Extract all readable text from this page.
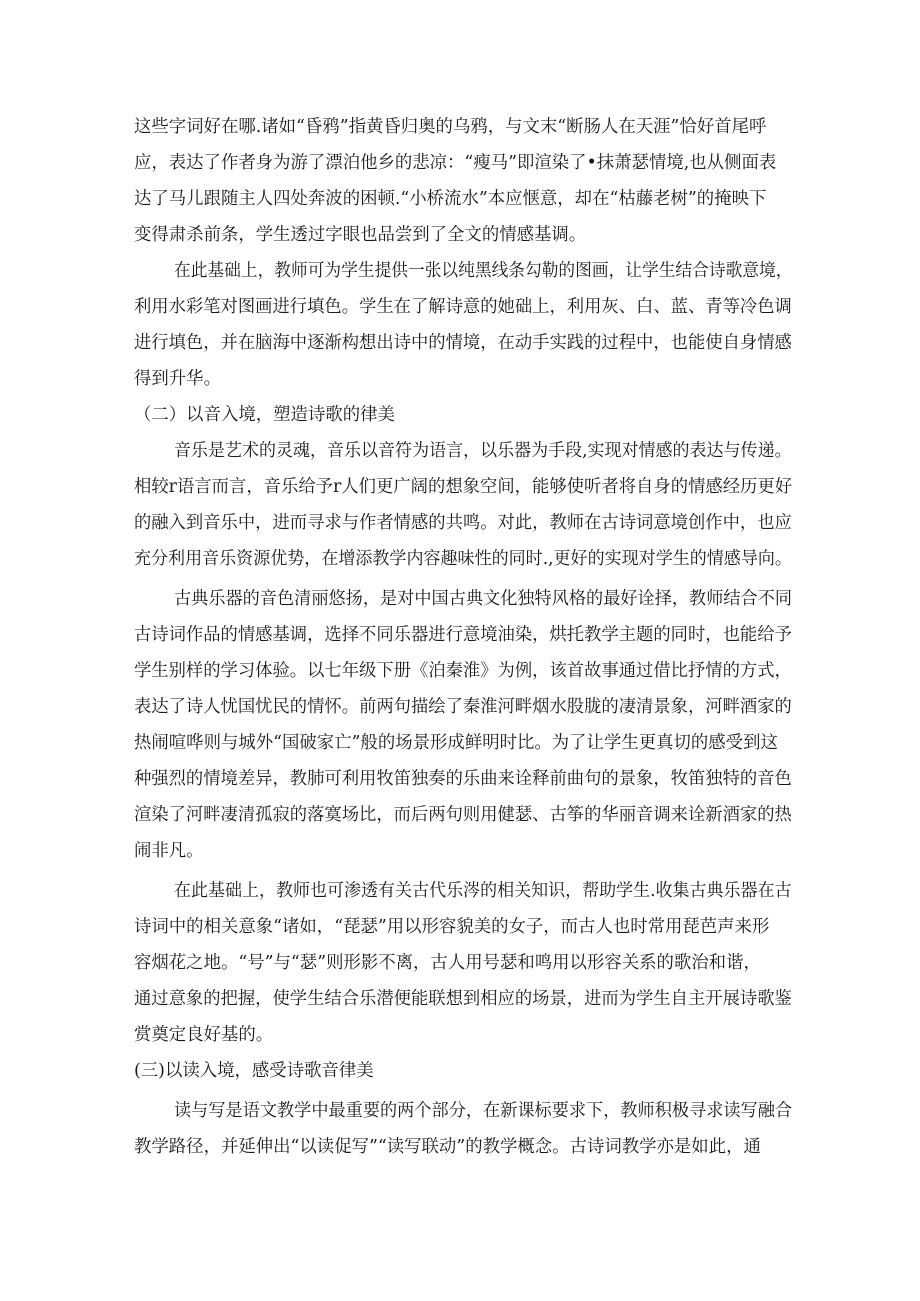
这些字词好在哪.诸如“昏鸦”指黄昏归奥的乌鸦，与文末“断肠人在天涯”恰好首尾呼
应，表达了作者身为游了漂泊他乡的悲凉：“瘦马”即渲染了•抹萧瑟情境,也从侧面表
达了马儿跟随主人四处奔波的困顿.“小桥流水”本应惬意，却在“枯藤老树”的掩映下
变得肃杀前条，学生透过字眼也品尝到了全文的情感基调。
在此基础上，教师可为学生提供一张以纯黑线条勾勒的图画，让学生结合诗歌意境，
利用水彩笔对图画进行填色。学生在了解诗意的她础上，利用灰、白、蓝、青等冷色调
进行填色，并在脑海中逐渐构想出诗中的情境，在动手实践的过程中，也能使自身情感
得到升华。
（二）以音入境，塑造诗歌的律美
音乐是艺术的灵魂，音乐以音符为语言，以乐器为手段,实现对情感的表达与传递。
相较r语言而言，音乐给予r人们更广阔的想象空间，能够使听者将自身的情感经历更好
的融入到音乐中，进而寻求与作者情感的共鸣。对此，教师在古诗词意境创作中，也应
充分利用音乐资源优势，在增添教学内容趣味性的同时.,更好的实现对学生的情感导向。
古典乐器的音色清丽悠扬，是对中国古典文化独特风格的最好诠择，教师结合不同
古诗词作品的情感基调，选择不同乐器进行意境油染，烘托教学主题的同时，也能给予
学生别样的学习体验。以七年级下册《泊秦淮》为例，该首故事通过借比抒情的方式，
表达了诗人忧国忧民的情怀。前两句描绘了秦淮河畔烟水股胧的凄清景象，河畔酒家的
热闹喧哗则与城外“国破家亡”般的场景形成鲜明时比。为了让学生更真切的感受到这
种强烈的情境差异，教肺可利用牧笛独奏的乐曲来诠释前曲句的景象，牧笛独特的音色
渲染了河畔凄清孤寂的落寞场比，而后两句则用健瑟、古筝的华丽音调来诠新酒家的热
闹非凡。
在此基础上，教师也可渗透有关古代乐涔的相关知识，帮助学生.收集古典乐器在古
诗词中的相关意象“诸如，“琵瑟”用以形容貌美的女子，而古人也时常用琵芭声来形
容烟花之地。“号”与“瑟”则形影不离，古人用号瑟和鸣用以形容关系的歌治和谐，
通过意象的把握，使学生结合乐潜便能联想到相应的场景，进而为学生自主开展诗歌鉴
赏奠定良好基的。
(三)以读入境，感受诗歌音律美
读与写是语文教学中最重要的两个部分，在新课标要求下，教师积极寻求读写融合
教学路径，并延伸出“以读促写”“读写联动”的教学概念。古诗词教学亦是如此，通
